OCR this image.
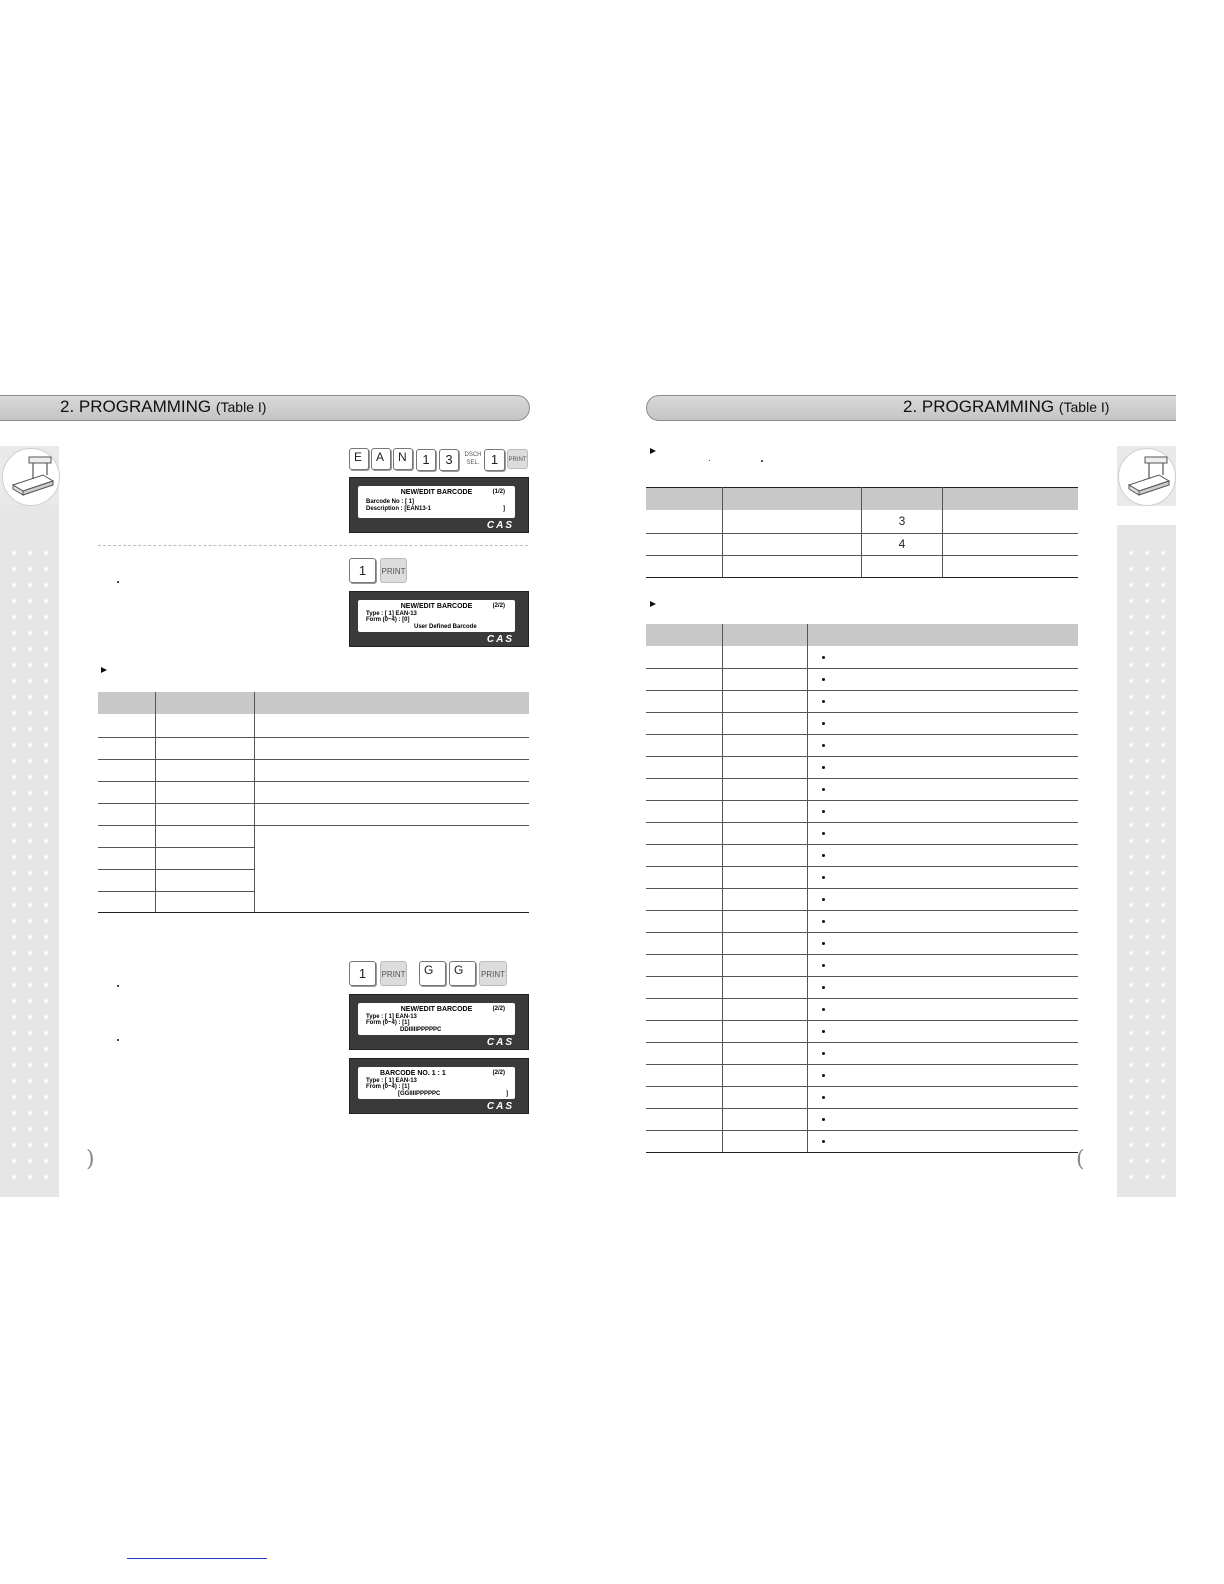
2. PROGRAMMING (Table I)
E	A	N	1	3	DSCH
SEL. 1	PRINT
NEW/EDIT BARCODE	(1/2)
Barcode No : [ 1]
Description : [EAN13-1	]
CAS
1	PRINT
NEW/EDIT BARCODE	(2/2)
Type : [ 1] EAN-13
Form (0~4) : [0]
User Defined Barcode
CAS

1	PRINT	G	G	PRINT
NEW/EDIT BARCODE	(2/2)
Type : [ 1] EAN-13
Form (0~4) : [1]
DDIIIIIPPPPPC
CAS
BARCODE NO. 1 : 1	(2/2)
Type : [ 1] EAN-13
From (0~4) : [1]
[GGIIIIPPPPPC	]
CAS
)
2. PROGRAMMING (Table I)

		3	
		4	

(
